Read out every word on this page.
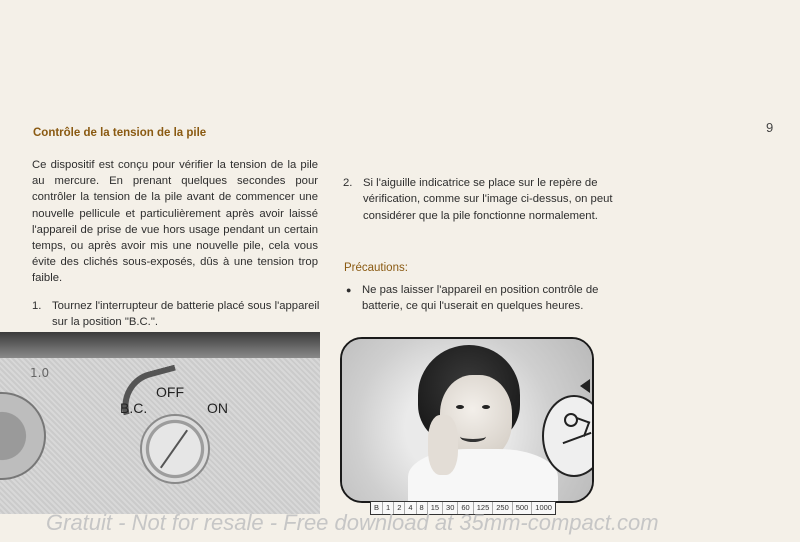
9
Contrôle de la tension de la pile
Ce dispositif est conçu pour vérifier la tension de la pile au mercure. En prenant quelques secondes pour contrôler la tension de la pile avant de commencer une nouvelle pellicule et particulièrement après avoir laissé l'appareil de prise de vue hors usage pendant un certain temps, ou après avoir mis une nouvelle pile, cela vous évite des clichés sous-exposés, dûs à une tension trop faible.
1. Tournez l'interrupteur de batterie placé sous l'appareil sur la position "B.C.".
2. Si l'aiguille indicatrice se place sur le repère de vérification, comme sur l'image ci-dessus, on peut considérer que la pile fonctionne normalement.
Précautions:
● Ne pas laisser l'appareil en position contrôle de batterie, ce qui l'userait en quelques heures.
1.0
B.C.
OFF
ON
B 1 2 4 8 15 30 60 125 250 500 1000
Gratuit - Not for resale - Free download at 35mm-compact.com
